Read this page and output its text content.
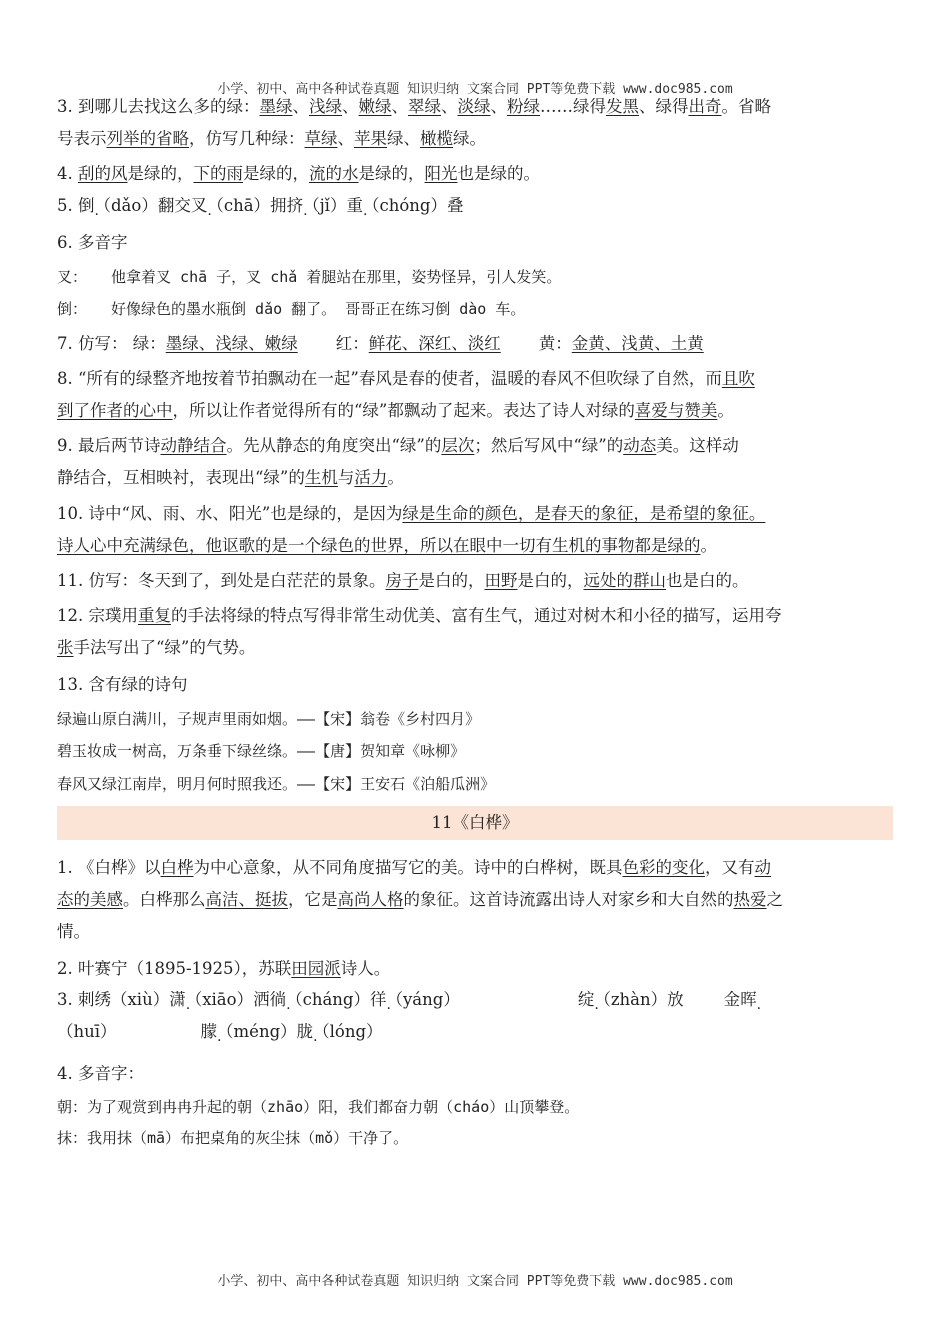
小学、初中、高中各种试卷真题 知识归纳 文案合同 PPT等免费下载 www.doc985.com
3. 到哪儿去找这么多的绿：墨绿、浅绿、嫩绿、翠绿、淡绿、粉绿……绿得发黑、绿得出奇。省略
号表示列举的省略，仿写几种绿：草绿、苹果绿、橄榄绿。
4. 刮的风是绿的，下的雨是绿的，流的水是绿的，阳光也是绿的。
5. 倒 .（dǎo）翻交叉 .（chā）拥挤 .（jǐ）重 .（chóng）叠
6. 多音字
叉： 他拿着叉 chā 子，叉 chǎ 着腿站在那里，姿势怪异，引人发笑。
倒： 好像绿色的墨水瓶倒 dǎo 翻了。 哥哥正在练习倒 dào 车。
7. 仿写： 绿：墨绿、浅绿、嫩绿 红：鲜花、深红、淡红 黄：金黄、浅黄、土黄
8. “所有的绿整齐地按着节拍飘动在一起”春风是春的使者，温暖的春风不但吹绿了自然，而且吹
到了作者的心中，所以让作者觉得所有的“绿”都飘动了起来。表达了诗人对绿的喜爱与赞美。
9. 最后两节诗动静结合。先从静态的角度突出“绿”的层次；然后写风中“绿”的动态美。这样动
静结合，互相映衬，表现出“绿”的生机与活力。
10. 诗中“风、雨、水、阳光”也是绿的，是因为绿是生命的颜色，是春天的象征，是希望的象征。
诗人心中充满绿色，他讴歌的是一个绿色的世界，所以在眼中一切有生机的事物都是绿的。
11. 仿写：冬天到了，到处是白茫茫的景象。房子是白的，田野是白的，远处的群山也是白的。
12. 宗璞用重复的手法将绿的特点写得非常生动优美、富有生气，通过对树木和小径的描写，运用夸
张手法写出了“绿”的气势。
13. 含有绿的诗句
绿遍山原白满川，子规声里雨如烟。——【宋】翁卷《乡村四月》
碧玉妆成一树高，万条垂下绿丝绦。——【唐】贺知章《咏柳》
春风又绿江南岸，明月何时照我还。——【宋】王安石《泊船瓜洲》
11《白桦》
1. 《白桦》以白桦为中心意象，从不同角度描写它的美。诗中的白桦树，既具色彩的变化，又有动
态的美感。白桦那么高洁、挺拔，它是高尚人格的象征。这首诗流露出诗人对家乡和大自然的热爱之
情。
2. 叶赛宁（1895-1925），苏联田园派诗人。
3. 刺绣（xiù）潇 .（xiāo）洒徜 .（cháng）徉 .（yáng）	绽 .（zhàn）放 金晖 .
（huī）	朦 .（méng）胧 .（lóng）
4. 多音字：
朝：为了观赏到冉冉升起的朝（zhāo）阳，我们都奋力朝（cháo）山顶攀登。
抹：我用抹（mā）布把桌角的灰尘抹（mǒ）干净了。
小学、初中、高中各种试卷真题 知识归纳 文案合同 PPT等免费下载 www.doc985.com
